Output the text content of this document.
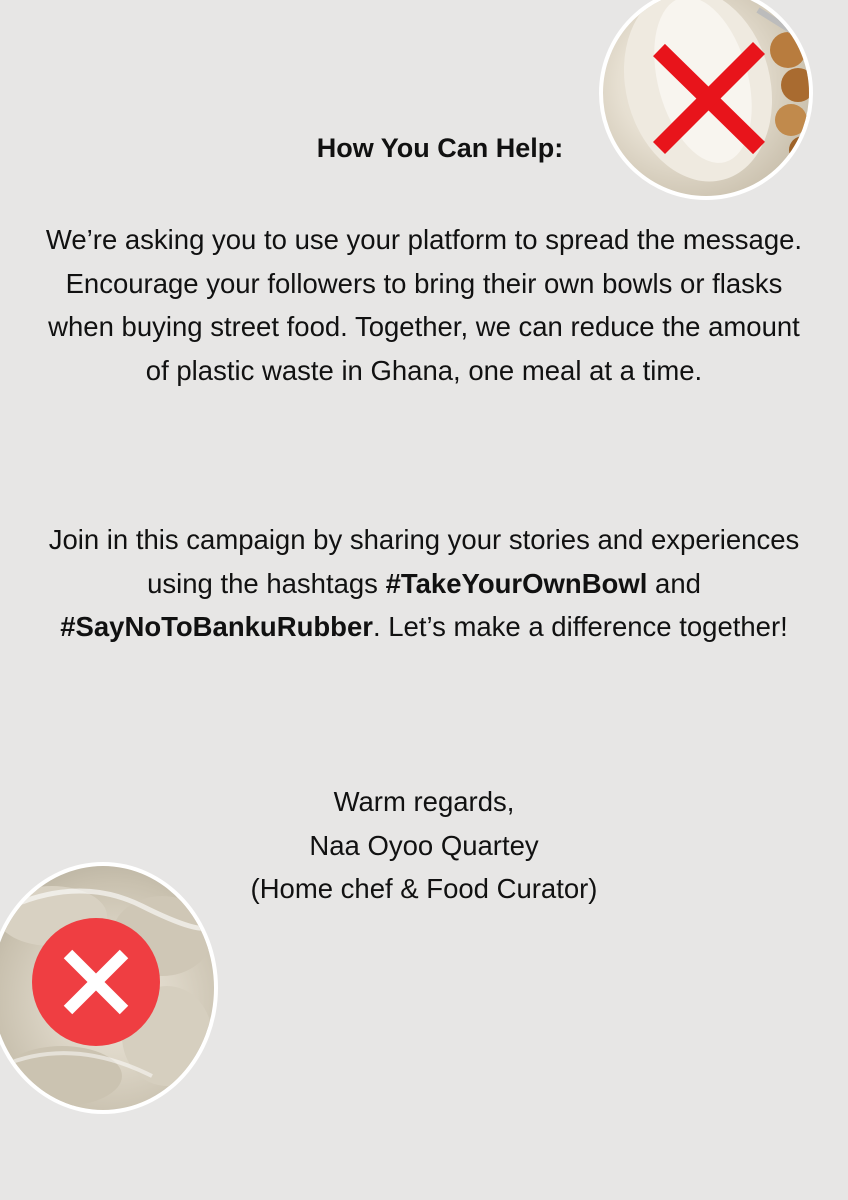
How You Can Help:

We’re asking you to use your platform to spread the message. Encourage your followers to bring their own bowls or flasks when buying street food. Together, we can reduce the amount of plastic waste in Ghana, one meal at a time.

Join in this campaign by sharing your stories and experiences using the hashtags #TakeYourOwnBowl and
#SayNoToBankuRubber. Let’s make a difference together!

Warm regards,
Naa Oyoo Quartey
(Home chef & Food Curator)
